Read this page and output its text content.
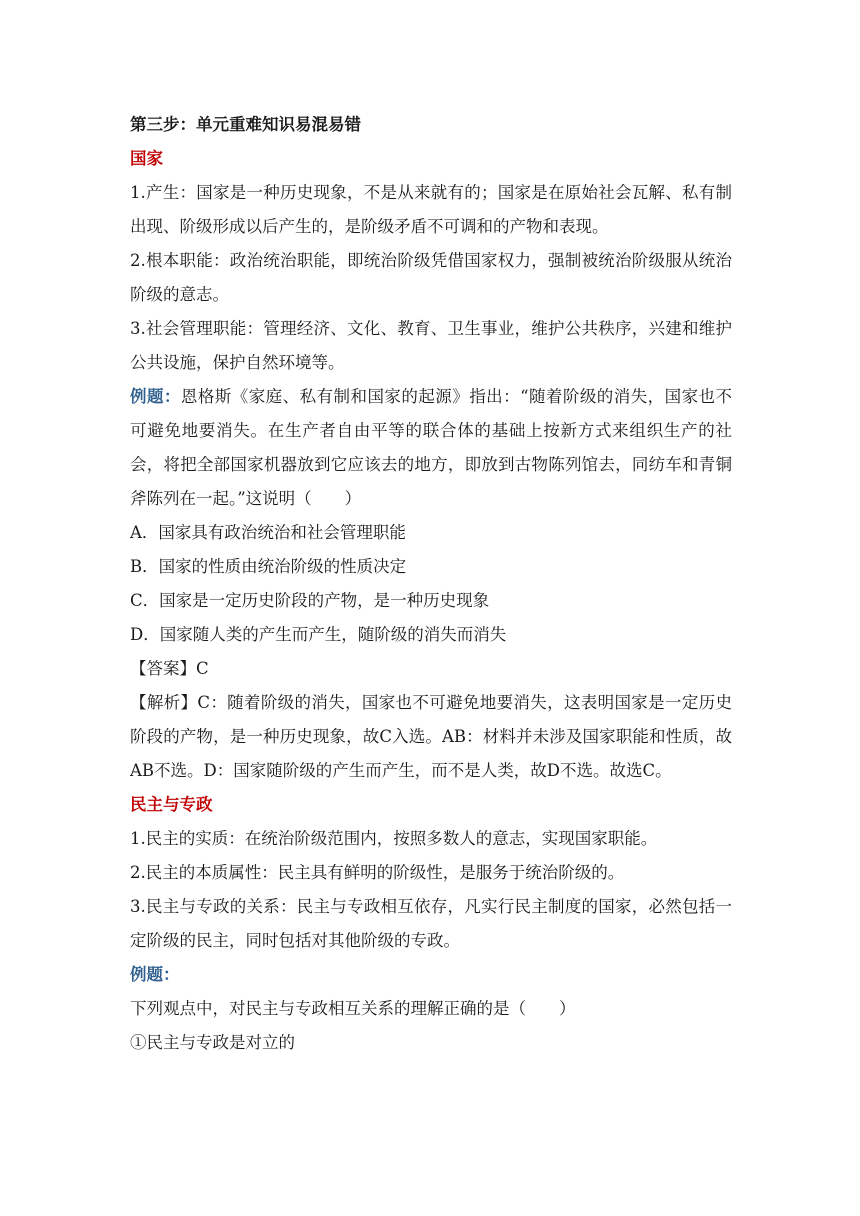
第三步：单元重难知识易混易错

国家

1.产生：国家是一种历史现象，不是从来就有的；国家是在原始社会瓦解、私有制出现、阶级形成以后产生的，是阶级矛盾不可调和的产物和表现。

2.根本职能：政治统治职能，即统治阶级凭借国家权力，强制被统治阶级服从统治阶级的意志。

3.社会管理职能：管理经济、文化、教育、卫生事业，维护公共秩序，兴建和维护公共设施，保护自然环境等。

例题：恩格斯《家庭、私有制和国家的起源》指出：“随着阶级的消失，国家也不可避免地要消失。在生产者自由平等的联合体的基础上按新方式来组织生产的社会，将把全部国家机器放到它应该去的地方，即放到古物陈列馆去，同纺车和青铜斧陈列在一起。”这说明（　　）

A．国家具有政治统治和社会管理职能

B．国家的性质由统治阶级的性质决定

C．国家是一定历史阶段的产物，是一种历史现象

D．国家随人类的产生而产生，随阶级的消失而消失

【答案】C

【解析】C：随着阶级的消失，国家也不可避免地要消失，这表明国家是一定历史阶段的产物，是一种历史现象，故C入选。AB：材料并未涉及国家职能和性质，故AB不选。D：国家随阶级的产生而产生，而不是人类，故D不选。故选C。

民主与专政

1.民主的实质：在统治阶级范围内，按照多数人的意志，实现国家职能。

2.民主的本质属性：民主具有鲜明的阶级性，是服务于统治阶级的。

3.民主与专政的关系：民主与专政相互依存，凡实行民主制度的国家，必然包括一定阶级的民主，同时包括对其他阶级的专政。

例题：

下列观点中，对民主与专政相互关系的理解正确的是（　　）

①民主与专政是对立的
